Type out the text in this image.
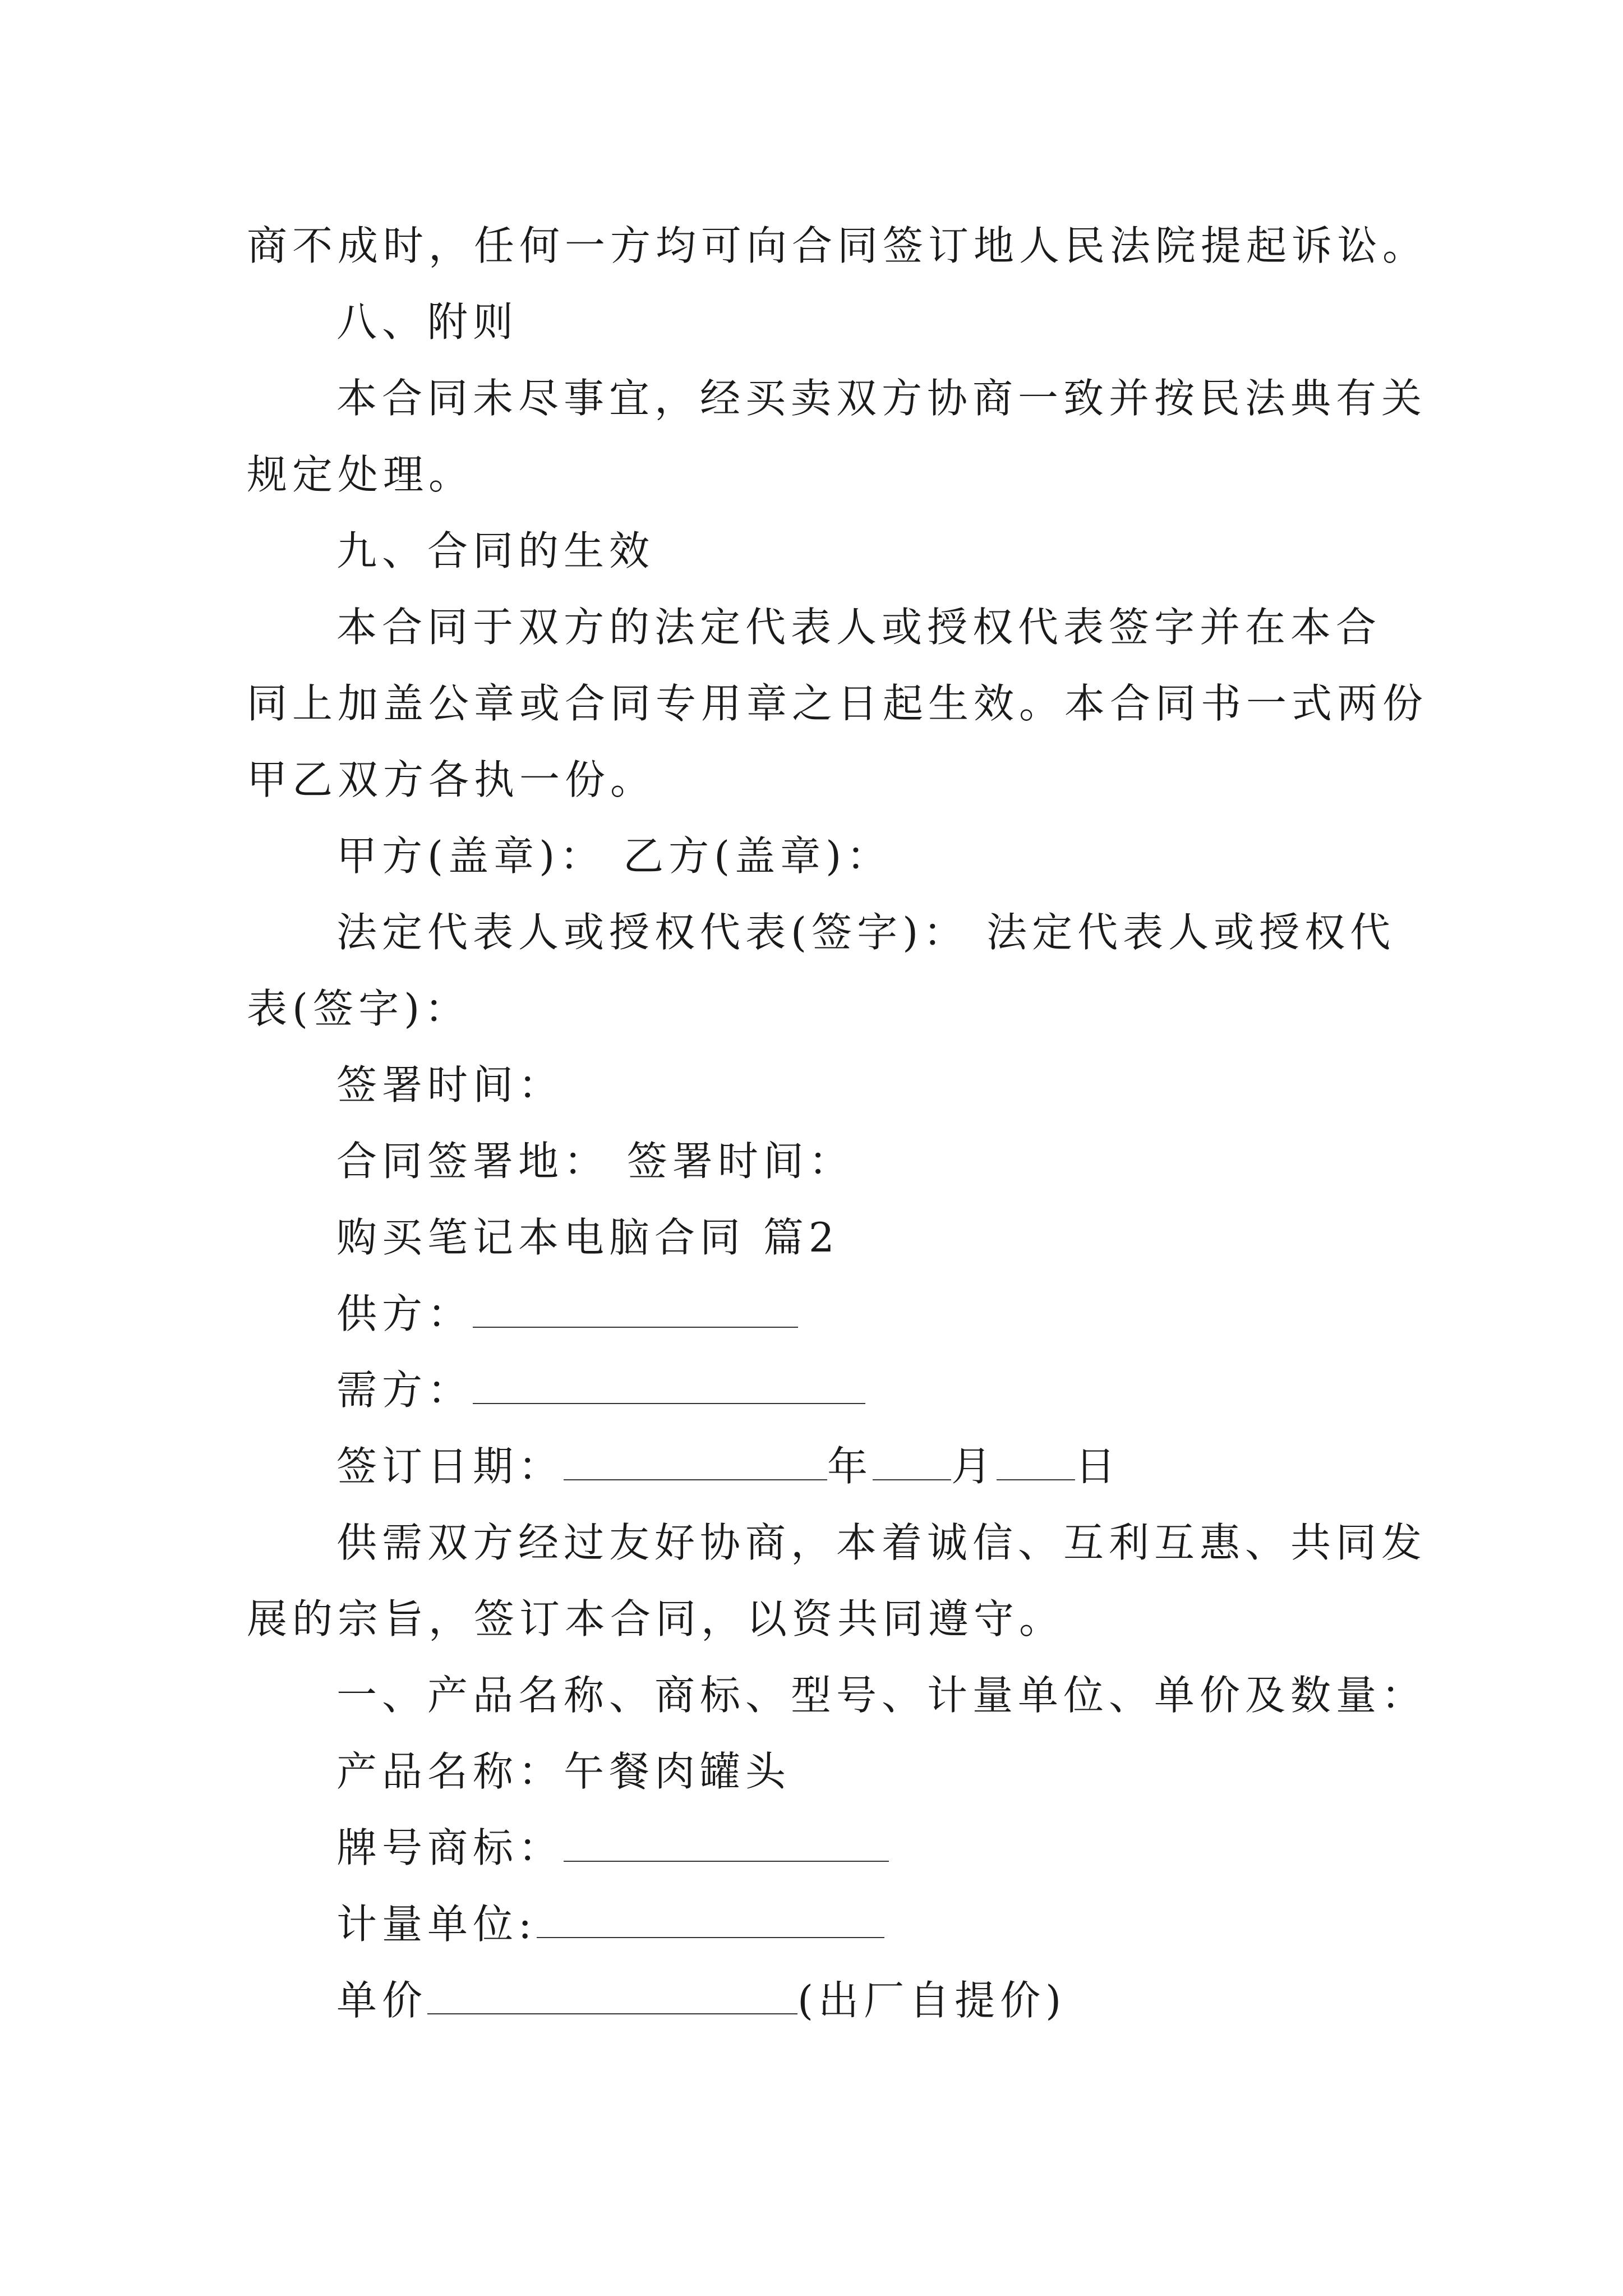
商不成时，任何一方均可向合同签订地人民法院提起诉讼。
八、附则
本合同未尽事宜，经买卖双方协商一致并按民法典有关
规定处理。
九、合同的生效
本合同于双方的法定代表人或授权代表签字并在本合
同上加盖公章或合同专用章之日起生效。本合同书一式两份
甲乙双方各执一份。
甲方(盖章)： 乙方(盖章)：
法定代表人或授权代表(签字)： 法定代表人或授权代
表(签字)：
签署时间：
合同签署地： 签署时间：
购买笔记本电脑合同 篇2
供方：
需方：
签订日期：	年 月 日
供需双方经过友好协商，本着诚信、互利互惠、共同发
展的宗旨，签订本合同，以资共同遵守。
一、产品名称、商标、型号、计量单位、单价及数量：
产品名称：午餐肉罐头
牌号商标：
计量单位:
单价	(出厂自提价)
